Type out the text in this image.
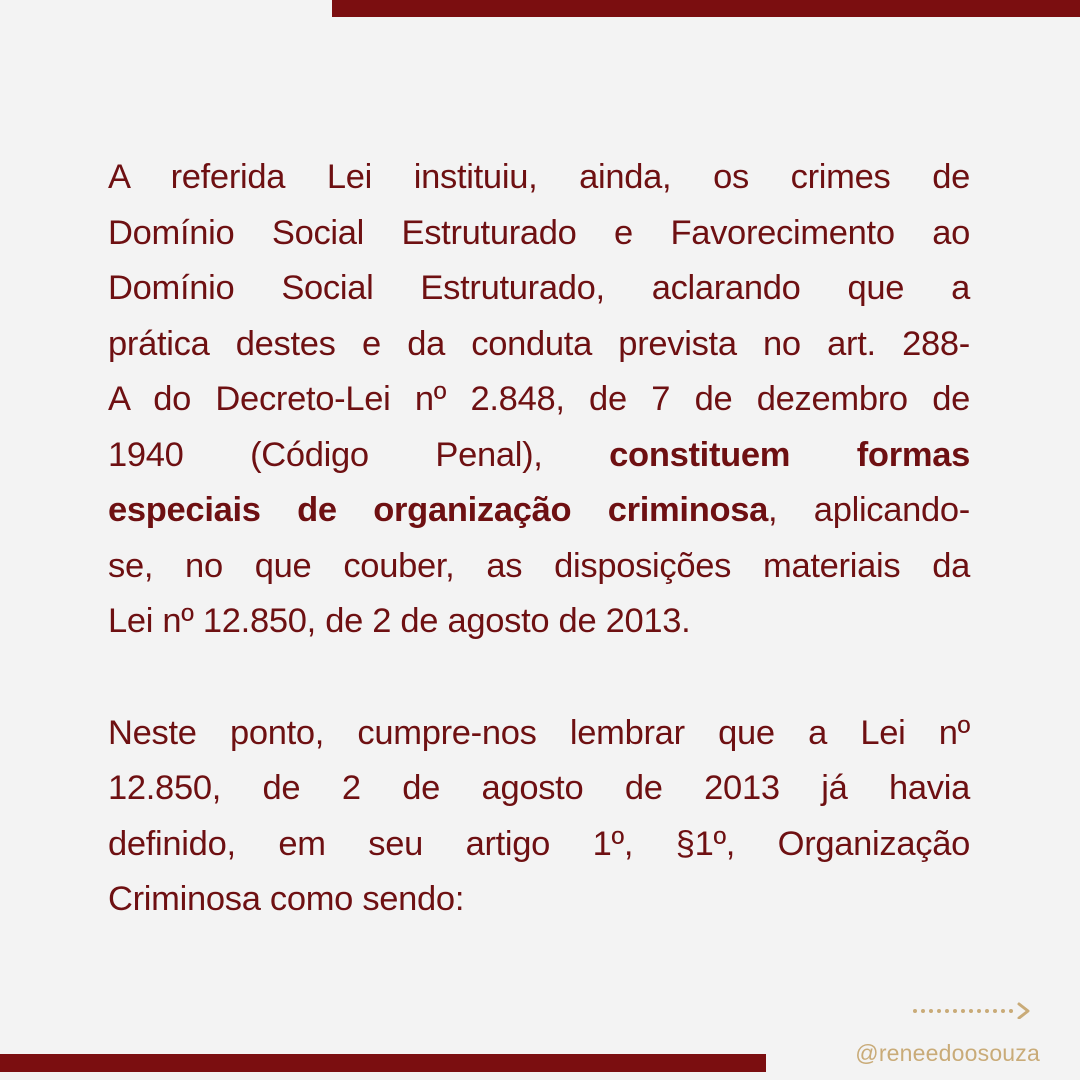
A referida Lei instituiu, ainda, os crimes de
Domínio Social Estruturado e Favorecimento ao
Domínio Social Estruturado, aclarando que a
prática destes e da conduta prevista no art. 288-
A do Decreto-Lei nº 2.848, de 7 de dezembro de
1940 (Código Penal), constituem formas
especiais de organização criminosa, aplicando-
se, no que couber, as disposições materiais da
Lei nº 12.850, de 2 de agosto de 2013.

Neste ponto, cumpre-nos lembrar que a Lei nº
12.850, de 2 de agosto de 2013 já havia
definido, em seu artigo 1º, §1º, Organização
Criminosa como sendo:

@reneedoosouza
